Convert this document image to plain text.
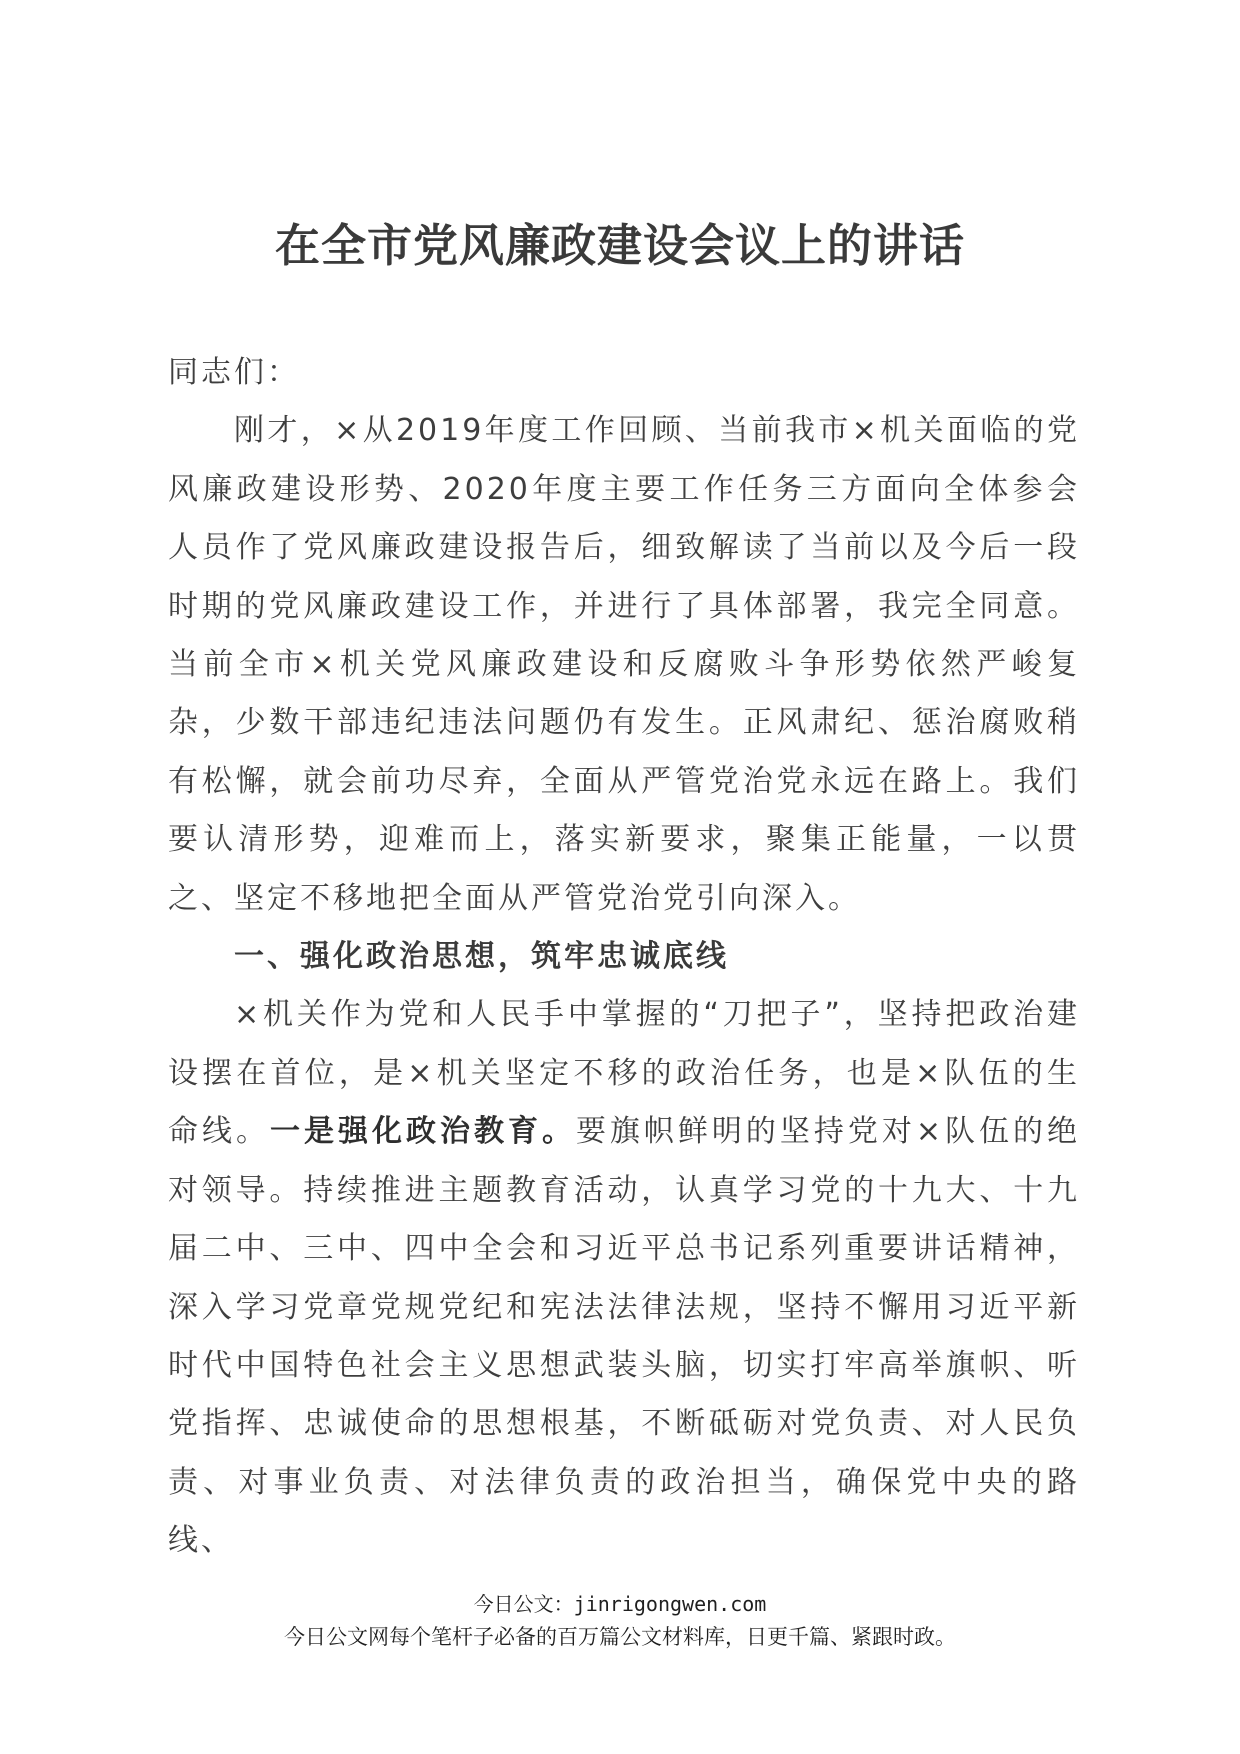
在全市党风廉政建设会议上的讲话

同志们：

刚才，×从2019年度工作回顾、当前我市×机关面临的党风廉政建设形势、2020年度主要工作任务三方面向全体参会人员作了党风廉政建设报告后，细致解读了当前以及今后一段时期的党风廉政建设工作，并进行了具体部署，我完全同意。当前全市×机关党风廉政建设和反腐败斗争形势依然严峻复杂，少数干部违纪违法问题仍有发生。正风肃纪、惩治腐败稍有松懈，就会前功尽弃，全面从严管党治党永远在路上。我们要认清形势，迎难而上，落实新要求，聚集正能量，一以贯之、坚定不移地把全面从严管党治党引向深入。

一、强化政治思想，筑牢忠诚底线

×机关作为党和人民手中掌握的“刀把子”，坚持把政治建设摆在首位，是×机关坚定不移的政治任务，也是×队伍的生命线。一是强化政治教育。要旗帜鲜明的坚持党对×队伍的绝对领导。持续推进主题教育活动，认真学习党的十九大、十九届二中、三中、四中全会和习近平总书记系列重要讲话精神，深入学习党章党规党纪和宪法法律法规，坚持不懈用习近平新时代中国特色社会主义思想武装头脑，切实打牢高举旗帜、听党指挥、忠诚使命的思想根基，不断砥砺对党负责、对人民负责、对事业负责、对法律负责的政治担当，确保党中央的路线、

今日公文：jinrigongwen.com
今日公文网每个笔杆子必备的百万篇公文材料库，日更千篇、紧跟时政。
